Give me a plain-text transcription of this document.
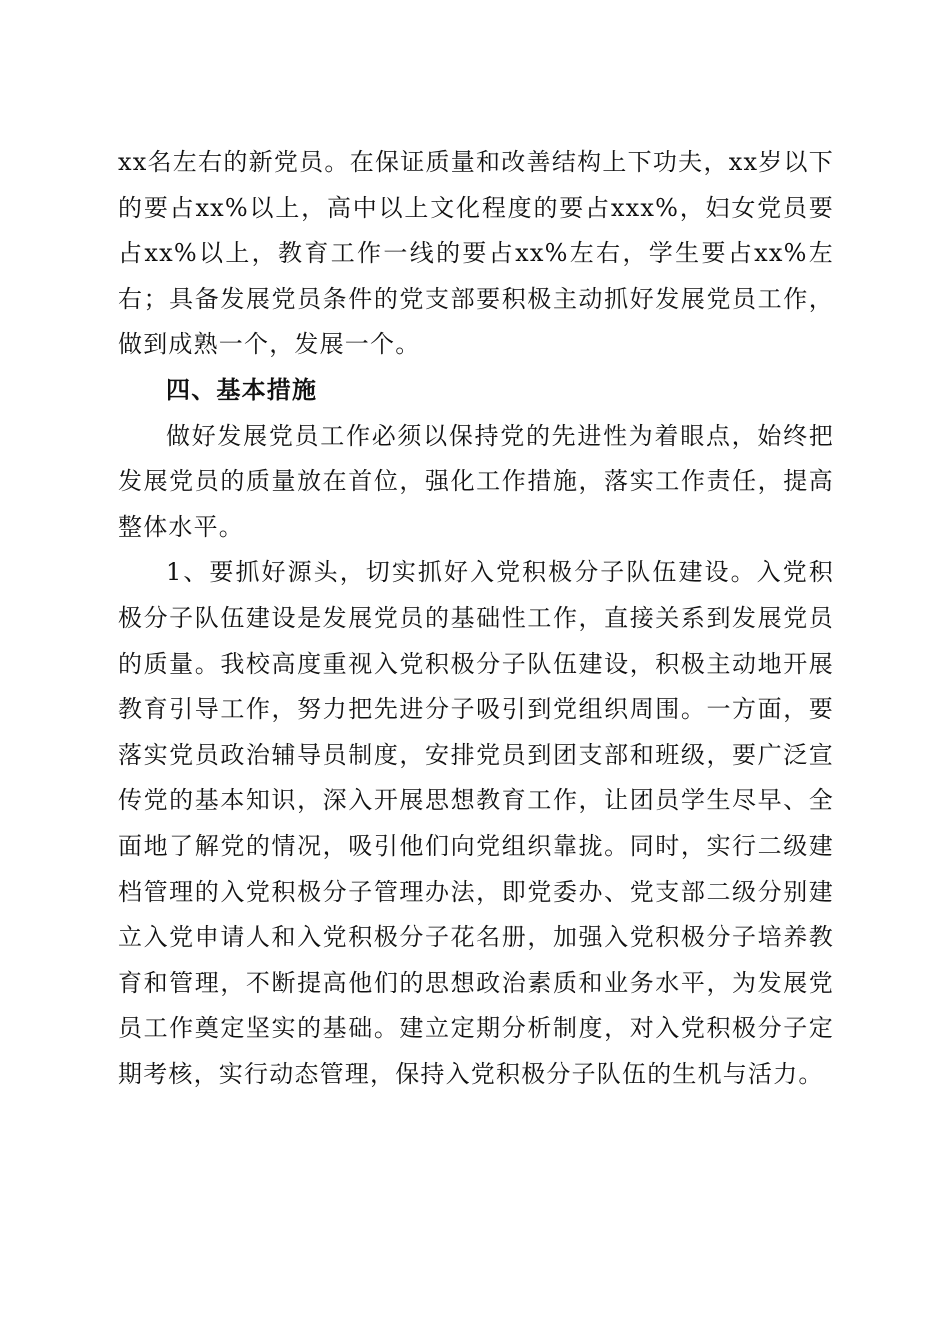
xx名左右的新党员。在保证质量和改善结构上下功夫，xx岁以下的要占xx%以上，高中以上文化程度的要占xxx%，妇女党员要占xx%以上，教育工作一线的要占xx%左右，学生要占xx%左右；具备发展党员条件的党支部要积极主动抓好发展党员工作，做到成熟一个，发展一个。

四、基本措施

做好发展党员工作必须以保持党的先进性为着眼点，始终把发展党员的质量放在首位，强化工作措施，落实工作责任，提高整体水平。

1、要抓好源头，切实抓好入党积极分子队伍建设。入党积极分子队伍建设是发展党员的基础性工作，直接关系到发展党员的质量。我校高度重视入党积极分子队伍建设，积极主动地开展教育引导工作，努力把先进分子吸引到党组织周围。一方面，要落实党员政治辅导员制度，安排党员到团支部和班级，要广泛宣传党的基本知识，深入开展思想教育工作，让团员学生尽早、全面地了解党的情况，吸引他们向党组织靠拢。同时，实行二级建档管理的入党积极分子管理办法，即党委办、党支部二级分别建立入党申请人和入党积极分子花名册，加强入党积极分子培养教育和管理，不断提高他们的思想政治素质和业务水平，为发展党员工作奠定坚实的基础。建立定期分析制度，对入党积极分子定期考核，实行动态管理，保持入党积极分子队伍的生机与活力。
